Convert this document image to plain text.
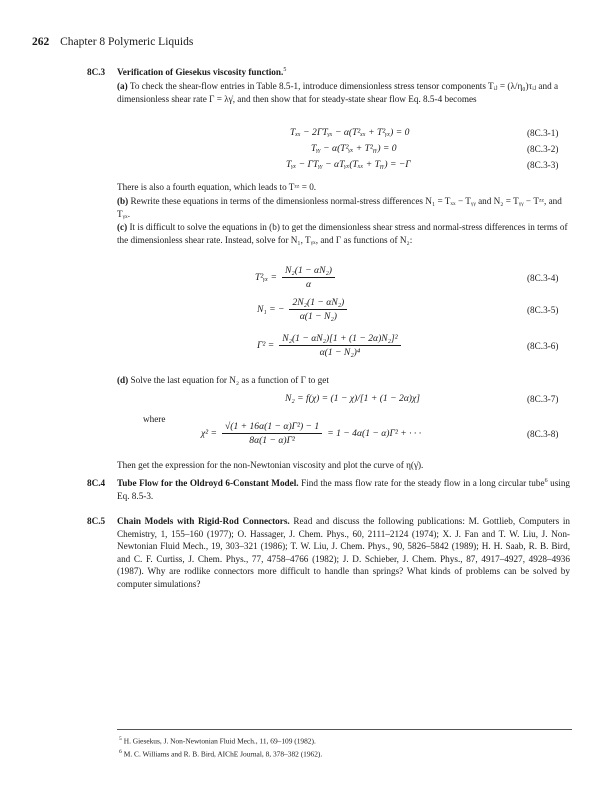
262 Chapter 8 Polymeric Liquids
8C.3 Verification of Giesekus viscosity function.$^5$
(a) To check the shear-flow entries in Table 8.5-1, introduce dimensionless stress tensor components Tᵢⱼ = (λ/η₀)τᵢⱼ and a dimensionless shear rate Γ = λγ̇, and then show that for steady-state shear flow Eq. 8.5-4 becomes
Tₓₓ − 2ΓTᵧₓ − α(T²ₓₓ + T²ᵧₓ) = 0	(8C.3-1)
Tᵧᵧ − α(T²ᵧₓ + T²ᵧᵧ) = 0	(8C.3-2)
Tᵧₓ − ΓTᵧᵧ − αTᵧₓ(Tₓₓ + Tᵧᵧ) = −Γ	(8C.3-3)
There is also a fourth equation, which leads to Tᶻᶻ = 0.
(b) Rewrite these equations in terms of the dimensionless normal-stress differences N₁ = Tₓₓ − Tᵧᵧ and N₂ = Tᵧᵧ − Tᶻᶻ, and Tᵧₓ.
(c) It is difficult to solve the equations in (b) to get the dimensionless shear stress and normal-stress differences in terms of the dimensionless shear rate. Instead, solve for N₁, Tᵧₓ, and Γ as functions of N₂:
T²ᵧₓ = $\frac{\text{N₂(1 − αN₂)}}{\alpha}$	(8C.3-4)
N₁ = − $\frac{\text{2N₂(1 − αN₂)}}{\text{α(1 − N₂)}}$	(8C.3-5)
$\Gamma^2 = \frac{\text{N₂(1 − αN₂)[1 + (1 − 2α)N₂]²}}{\text{α(1 − N₂)⁴}}$	(8C.3-6)
(d) Solve the last equation for N₂ as a function of Γ to get
N₂ = f(χ) = (1 − χ)/[1 + (1 − 2α)χ]	(8C.3-7)
where
$\chi^2 = \frac{\text{√(1 + 16α(1 − α)Γ²) − 1}}{\text{8α(1 − α)Γ²}} = 1 - 4\alpha(1 - \alpha)\Gamma^2$ + · · ·	(8C.3-8)
Then get the expression for the non-Newtonian viscosity and plot the curve of η(γ̇).
8C.4 Tube Flow for the Oldroyd 6-Constant Model. Find the mass flow rate for the steady flow in a long circular tube$^6$ using Eq. 8.5-3.
8C.5 Chain Models with Rigid-Rod Connectors. Read and discuss the following publications: M. Gottlieb, Computers in Chemistry, 1, 155–160 (1977); O. Hassager, J. Chem. Phys., 60, 2111–2124 (1974); X. J. Fan and T. W. Liu, J. Non-Newtonian Fluid Mech., 19, 303–321 (1986); T. W. Liu, J. Chem. Phys., 90, 5826–5842 (1989); H. H. Saab, R. B. Bird, and C. F. Curtiss, J. Chem. Phys., 77, 4758–4766 (1982); J. D. Schieber, J. Chem. Phys., 87, 4917–4927, 4928–4936 (1987). Why are rodlike connectors more difficult to handle than springs? What kinds of problems can be solved by computer simulations?
$^5$ H. Giesekus, J. Non-Newtonian Fluid Mech., 11, 69–109 (1982).
$^6$ M. C. Williams and R. B. Bird, AIChE Journal, 8, 378–382 (1962).
